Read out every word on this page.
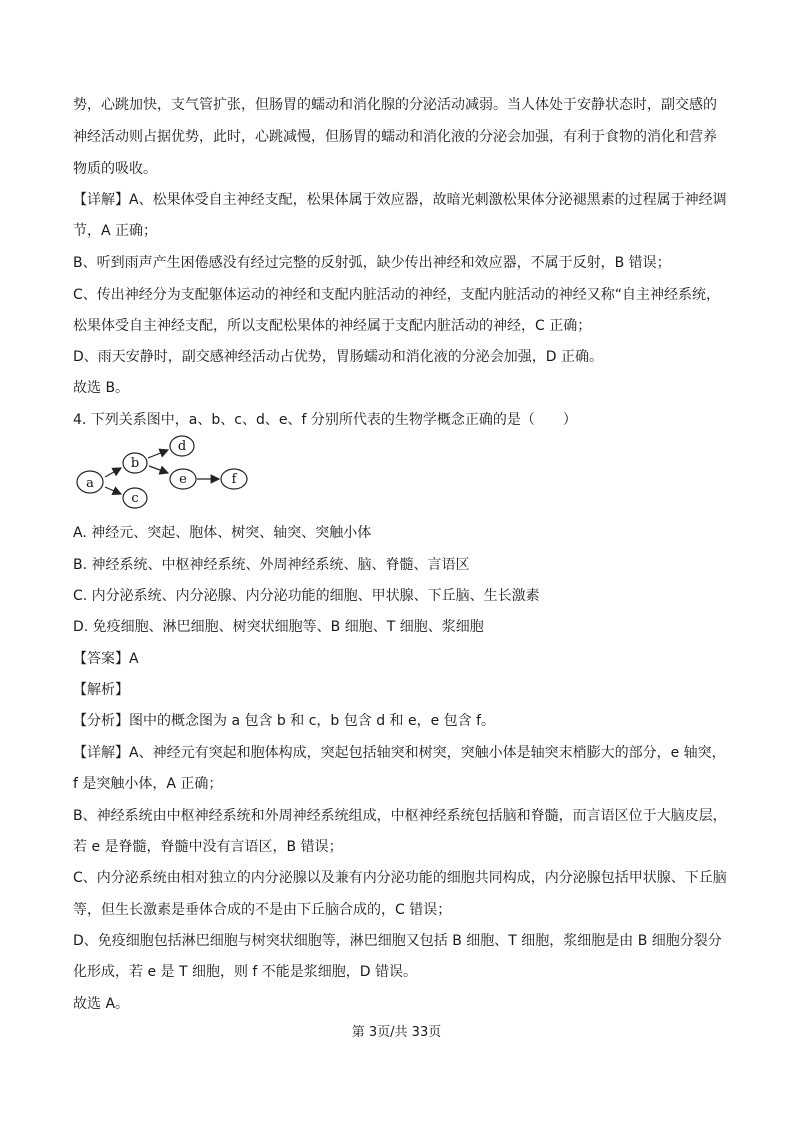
势，心跳加快，支气管扩张，但肠胃的蠕动和消化腺的分泌活动减弱。当人体处于安静状态时，副交感的
神经活动则占据优势，此时，心跳减慢，但肠胃的蠕动和消化液的分泌会加强，有利于食物的消化和营养
物质的吸收。
【详解】A、松果体受自主神经支配，松果体属于效应器，故暗光刺激松果体分泌褪黑素的过程属于神经调
节，A 正确；
B、听到雨声产生困倦感没有经过完整的反射弧，缺少传出神经和效应器，不属于反射，B 错误；
C、传出神经分为支配躯体运动的神经和支配内脏活动的神经，支配内脏活动的神经又称“自主神经系统，
松果体受自主神经支配，所以支配松果体的神经属于支配内脏活动的神经，C 正确；
D、雨天安静时，副交感神经活动占优势，胃肠蠕动和消化液的分泌会加强，D 正确。
故选 B。
4. 下列关系图中，a、b、c、d、e、f 分别所代表的生物学概念正确的是（　　）
a
b
c
d
e	f
A. 神经元、突起、胞体、树突、轴突、突触小体
B. 神经系统、中枢神经系统、外周神经系统、脑、脊髓、言语区
C. 内分泌系统、内分泌腺、内分泌功能的细胞、甲状腺、下丘脑、生长激素
D. 免疫细胞、淋巴细胞、树突状细胞等、B 细胞、T 细胞、浆细胞
【答案】A
【解析】
【分析】图中的概念图为 a 包含 b 和 c，b 包含 d 和 e，e 包含 f。
【详解】A、神经元有突起和胞体构成，突起包括轴突和树突，突触小体是轴突末梢膨大的部分，e 轴突，
f 是突触小体，A 正确；
B、神经系统由中枢神经系统和外周神经系统组成，中枢神经系统包括脑和脊髓，而言语区位于大脑皮层，
若 e 是脊髓，脊髓中没有言语区，B 错误；
C、内分泌系统由相对独立的内分泌腺以及兼有内分泌功能的细胞共同构成，内分泌腺包括甲状腺、下丘脑
等，但生长激素是垂体合成的不是由下丘脑合成的，C 错误；
D、免疫细胞包括淋巴细胞与树突状细胞等，淋巴细胞又包括 B 细胞、T 细胞，浆细胞是由 B 细胞分裂分
化形成，若 e 是 T 细胞，则 f 不能是浆细胞，D 错误。
故选 A。
第 3页/共 33页
